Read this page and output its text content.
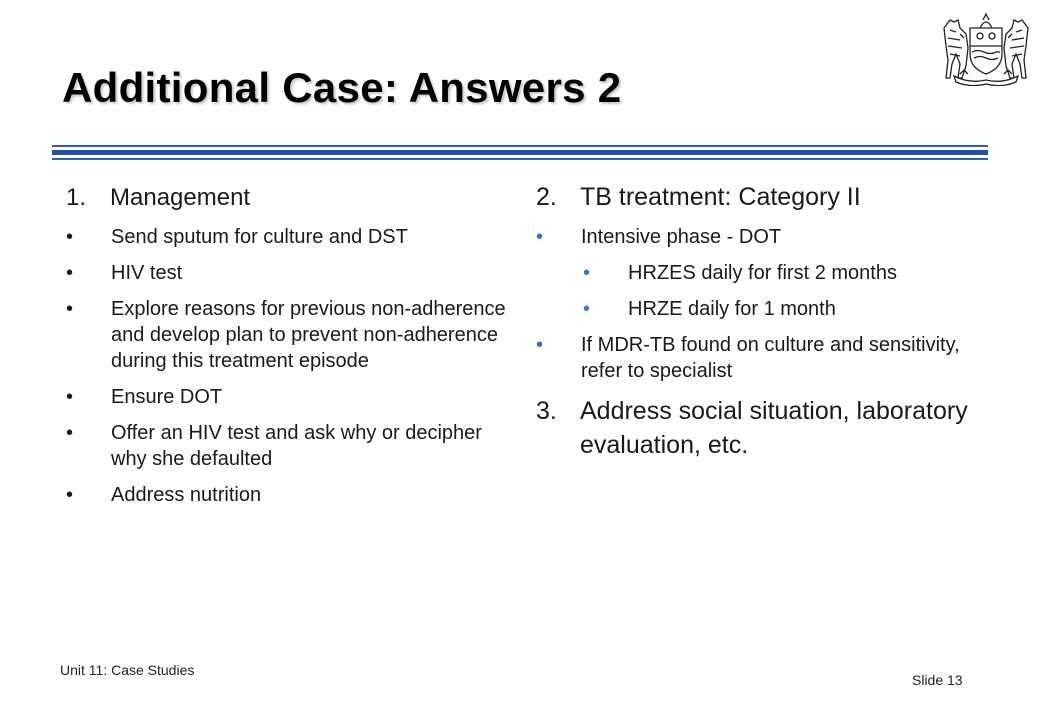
Additional Case: Answers 2
1. Management
• Send sputum for culture and DST
• HIV test
• Explore reasons for previous non-adherence and develop plan to prevent non-adherence during this treatment episode
• Ensure DOT
• Offer an HIV test and ask why or decipher why she defaulted
• Address nutrition
2. TB treatment: Category II
• Intensive phase - DOT
• HRZES daily for first 2 months
• HRZE daily for 1 month
• If MDR-TB found on culture and sensitivity, refer to specialist
3. Address social situation, laboratory evaluation, etc.
Unit 11: Case Studies
Slide 13
